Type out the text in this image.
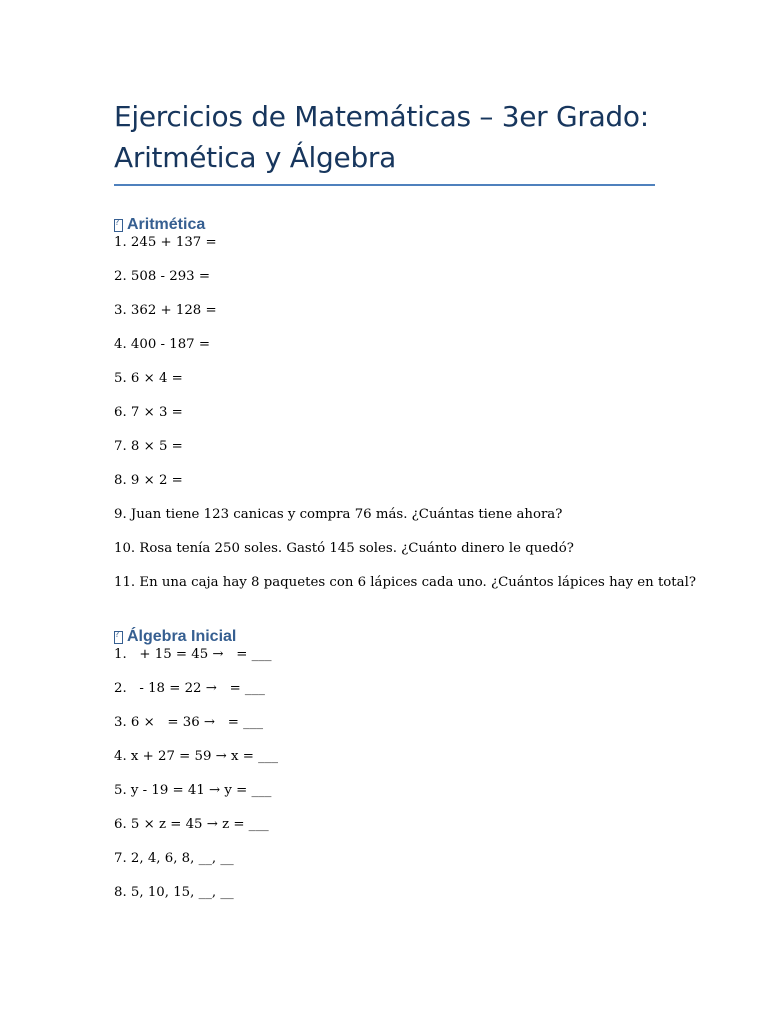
Ejercicios de Matemáticas – 3er Grado:
Aritmética y Álgebra
?
Aritmética
1. 245 + 137 =
2. 508 - 293 =
3. 362 + 128 =
4. 400 - 187 =
5. 6 × 4 =
6. 7 × 3 =
7. 8 × 5 =
8. 9 × 2 =
9. Juan tiene 123 canicas y compra 76 más. ¿Cuántas tiene ahora?
10. Rosa tenía 250 soles. Gastó 145 soles. ¿Cuánto dinero le quedó?
11. En una caja hay 8 paquetes con 6 lápices cada uno. ¿Cuántos lápices hay en total?
?
Álgebra Inicial
1.   + 15 = 45 →   = ___
2.   - 18 = 22 →   = ___
3. 6 ×   = 36 →   = ___
4. x + 27 = 59 → x = ___
5. y - 19 = 41 → y = ___
6. 5 × z = 45 → z = ___
7. 2, 4, 6, 8, __, __
8. 5, 10, 15, __, __
